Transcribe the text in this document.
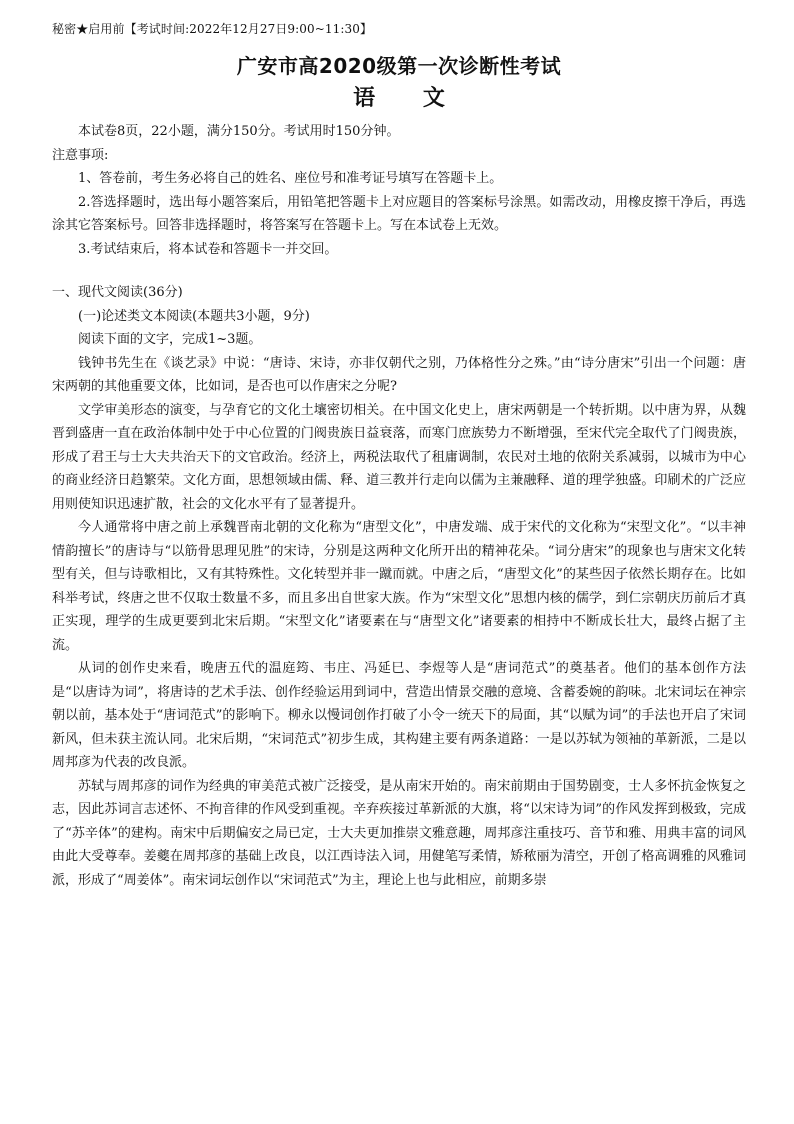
秘密★启用前【考试时间:2022年12月27日9:00~11:30】
广安市高2020级第一次诊断性考试
语 文

本试卷8页，22小题，满分150分。考试用时150分钟。

注意事项:

1、答卷前，考生务必将自己的姓名、座位号和准考证号填写在答题卡上。

2.答选择题时，选出每小题答案后，用铅笔把答题卡上对应题目的答案标号涂黑。如需改动，用橡皮擦干净后，再选涂其它答案标号。回答非选择题时，将答案写在答题卡上。写在本试卷上无效。

3.考试结束后，将本试卷和答题卡一并交回。

一、现代文阅读(36分)

(一)论述类文本阅读(本题共3小题，9分)

阅读下面的文字，完成1~3题。

钱钟书先生在《谈艺录》中说：“唐诗、宋诗，亦非仅朝代之别，乃体格性分之殊。”由“诗分唐宋”引出一个问题：唐宋两朝的其他重要文体，比如词，是否也可以作唐宋之分呢?

文学审美形态的演变，与孕育它的文化土壤密切相关。在中国文化史上，唐宋两朝是一个转折期。以中唐为界，从魏晋到盛唐一直在政治体制中处于中心位置的门阀贵族日益衰落，而寒门庶族势力不断增强，至宋代完全取代了门阀贵族，形成了君王与士大夫共治天下的文官政治。经济上，两税法取代了租庸调制，农民对土地的依附关系减弱，以城市为中心的商业经济日趋繁荣。文化方面，思想领域由儒、释、道三教并行走向以儒为主兼融释、道的理学独盛。印刷术的广泛应用则使知识迅速扩散，社会的文化水平有了显著提升。

今人通常将中唐之前上承魏晋南北朝的文化称为“唐型文化”，中唐发端、成于宋代的文化称为“宋型文化”。“以丰神情韵擅长”的唐诗与“以筋骨思理见胜”的宋诗，分别是这两种文化所开出的精神花朵。“词分唐宋”的现象也与唐宋文化转型有关，但与诗歌相比，又有其特殊性。文化转型并非一蹴而就。中唐之后，“唐型文化”的某些因子依然长期存在。比如科举考试，终唐之世不仅取士数量不多，而且多出自世家大族。作为“宋型文化”思想内核的儒学，到仁宗朝庆历前后才真正实现，理学的生成更要到北宋后期。“宋型文化”诸要素在与“唐型文化”诸要素的相持中不断成长壮大，最终占据了主流。

从词的创作史来看，晚唐五代的温庭筠、韦庄、冯延巳、李煜等人是“唐词范式”的奠基者。他们的基本创作方法是“以唐诗为词”，将唐诗的艺术手法、创作经验运用到词中，营造出情景交融的意境、含蓄委婉的韵味。北宋词坛在神宗朝以前，基本处于“唐词范式”的影响下。柳永以慢词创作打破了小令一统天下的局面，其“以赋为词”的手法也开启了宋词新风，但未获主流认同。北宋后期，“宋词范式”初步生成，其构建主要有两条道路：一是以苏轼为领袖的革新派，二是以周邦彦为代表的改良派。

苏轼与周邦彦的词作为经典的审美范式被广泛接受，是从南宋开始的。南宋前期由于国势剧变，士人多怀抗金恢复之志，因此苏词言志述怀、不拘音律的作风受到重视。辛弃疾接过革新派的大旗，将“以宋诗为词”的作风发挥到极致，完成了“苏辛体”的建构。南宋中后期偏安之局已定，士大夫更加推崇文雅意趣，周邦彦注重技巧、音节和雅、用典丰富的词风由此大受尊奉。姜夔在周邦彦的基础上改良，以江西诗法入词，用健笔写柔情，矫秾丽为清空，开创了格高调雅的风雅词派，形成了“周姜体”。南宋词坛创作以“宋词范式”为主，理论上也与此相应，前期多崇
